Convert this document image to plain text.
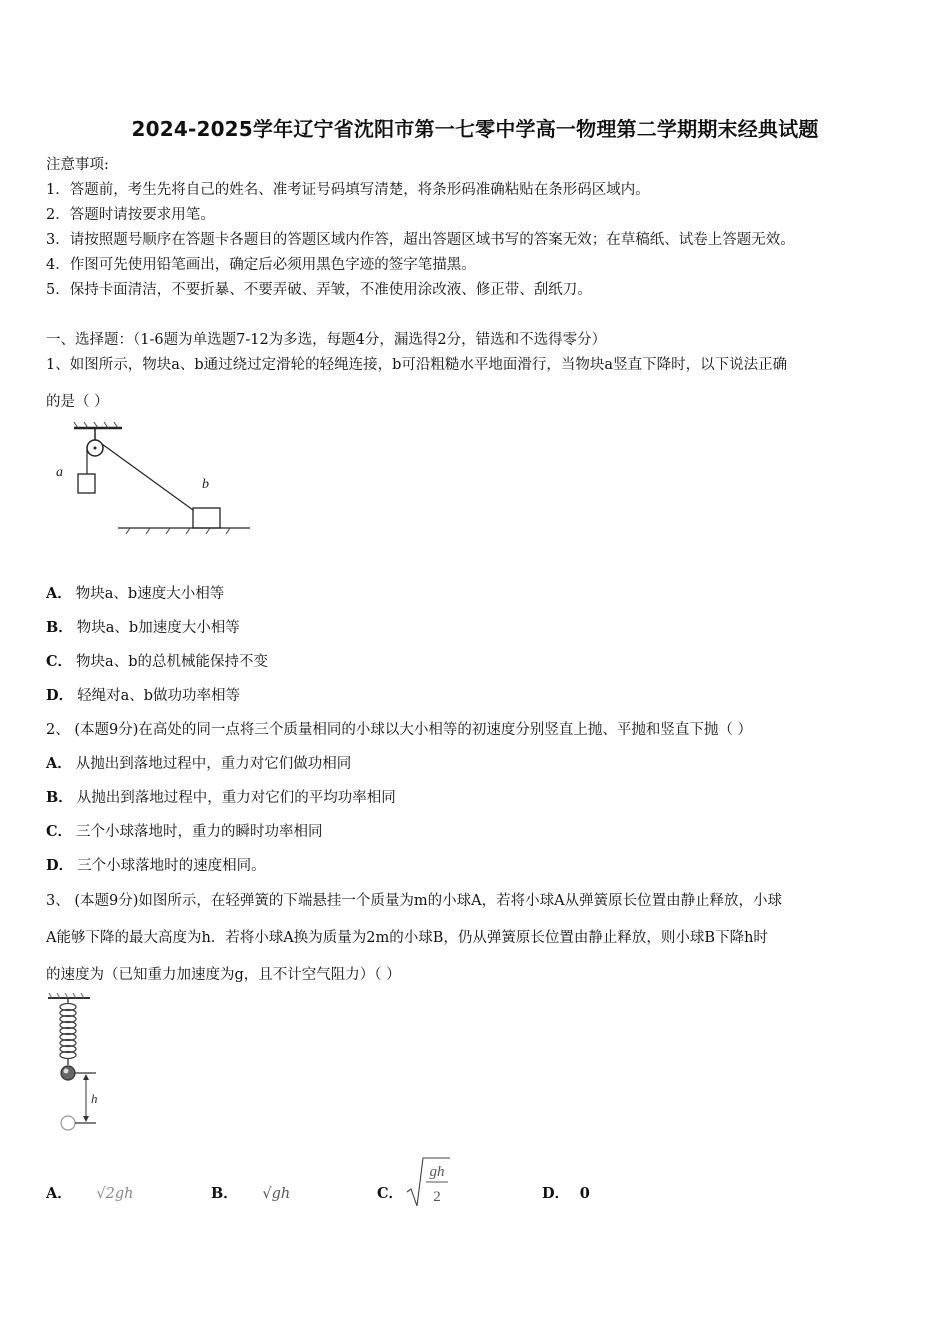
2024-2025学年辽宁省沈阳市第一七零中学高一物理第二学期期末经典试题
注意事项:
1．答题前，考生先将自己的姓名、准考证号码填写清楚，将条形码准确粘贴在条形码区域内。
2．答题时请按要求用笔。
3．请按照题号顺序在答题卡各题目的答题区域内作答，超出答题区域书写的答案无效；在草稿纸、试卷上答题无效。
4．作图可先使用铅笔画出，确定后必须用黑色字迹的签字笔描黑。
5．保持卡面清洁，不要折暴、不要弄破、弄皱，不准使用涂改液、修正带、刮纸刀。
一、选择题：（1-6题为单选题7-12为多选，每题4分，漏选得2分，错选和不选得零分）
1、如图所示，物块a、b通过绕过定滑轮的轻绳连接，b可沿粗糙水平地面滑行，当物块a竖直下降时，以下说法正确
的是（ ）
a
b
A． 物块a、b速度大小相等
B． 物块a、b加速度大小相等
C． 物块a、b的总机械能保持不变
D． 轻绳对a、b做功功率相等
2、 (本题9分)在高处的同一点将三个质量相同的小球以大小相等的初速度分别竖直上抛、平抛和竖直下抛（ ）
A． 从抛出到落地过程中，重力对它们做功相同
B． 从抛出到落地过程中，重力对它们的平均功率相同
C． 三个小球落地时，重力的瞬时功率相同
D． 三个小球落地时的速度相同。
3、 (本题9分)如图所示，在轻弹簧的下端悬挂一个质量为m的小球A，若将小球A从弹簧原长位置由静止释放，小球
A能够下降的最大高度为h．若将小球A换为质量为2m的小球B，仍从弹簧原长位置由静止释放，则小球B下降h时
的速度为（已知重力加速度为g，且不计空气阻力）（ ）
h
A． √2gh	B． √gh	C．
gh
2	D． 0
